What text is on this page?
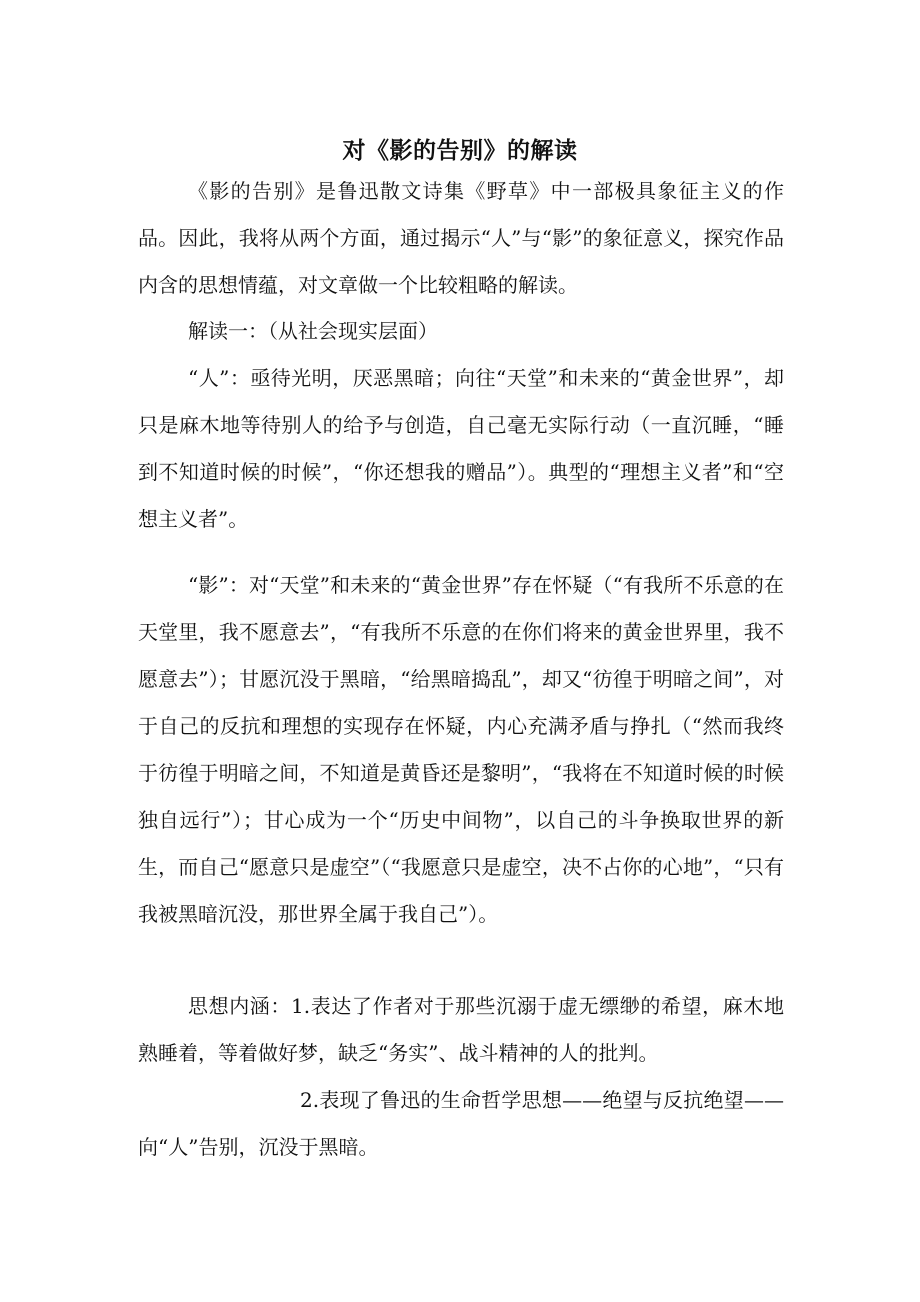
对《影的告别》的解读

《影的告别》是鲁迅散文诗集《野草》中一部极具象征主义的作品。因此，我将从两个方面，通过揭示“人”与“影”的象征意义，探究作品内含的思想情蕴，对文章做一个比较粗略的解读。

解读一：（从社会现实层面）

“人”：亟待光明，厌恶黑暗；向往“天堂”和未来的“黄金世界”，却只是麻木地等待别人的给予与创造，自己毫无实际行动（一直沉睡，“睡到不知道时候的时候”，“你还想我的赠品”）。典型的“理想主义者”和“空想主义者”。

“影”：对“天堂”和未来的“黄金世界”存在怀疑（“有我所不乐意的在天堂里，我不愿意去”，“有我所不乐意的在你们将来的黄金世界里，我不愿意去”）；甘愿沉没于黑暗，“给黑暗捣乱”，却又“彷徨于明暗之间”，对于自己的反抗和理想的实现存在怀疑，内心充满矛盾与挣扎（“然而我终于彷徨于明暗之间，不知道是黄昏还是黎明”，“我将在不知道时候的时候独自远行”）；甘心成为一个“历史中间物”，以自己的斗争换取世界的新生，而自己“愿意只是虚空”（“我愿意只是虚空，决不占你的心地”，“只有我被黑暗沉没，那世界全属于我自己”）。

思想内涵：1.表达了作者对于那些沉溺于虚无缥缈的希望，麻木地熟睡着，等着做好梦，缺乏“务实”、战斗精神的人的批判。

2.表现了鲁迅的生命哲学思想——绝望与反抗绝望——向“人”告别，沉没于黑暗。
